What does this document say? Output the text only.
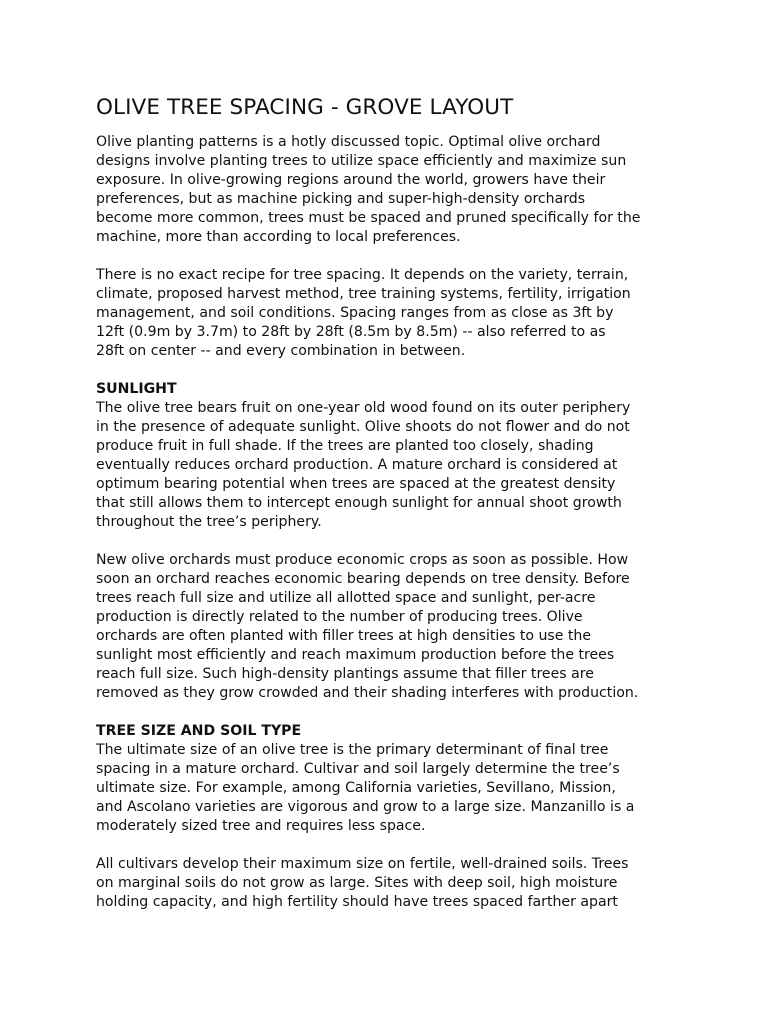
OLIVE TREE SPACING - GROVE LAYOUT
Olive planting patterns is a hotly discussed topic. Optimal olive orchard
designs involve planting trees to utilize space efficiently and maximize sun
exposure. In olive-growing regions around the world, growers have their
preferences, but as machine picking and super-high-density orchards
become more common, trees must be spaced and pruned specifically for the
machine, more than according to local preferences.
There is no exact recipe for tree spacing. It depends on the variety, terrain,
climate, proposed harvest method, tree training systems, fertility, irrigation
management, and soil conditions. Spacing ranges from as close as 3ft by
12ft (0.9m by 3.7m) to 28ft by 28ft (8.5m by 8.5m) -- also referred to as
28ft on center -- and every combination in between.
SUNLIGHT
The olive tree bears fruit on one-year old wood found on its outer periphery
in the presence of adequate sunlight. Olive shoots do not flower and do not
produce fruit in full shade. If the trees are planted too closely, shading
eventually reduces orchard production. A mature orchard is considered at
optimum bearing potential when trees are spaced at the greatest density
that still allows them to intercept enough sunlight for annual shoot growth
throughout the tree’s periphery.
New olive orchards must produce economic crops as soon as possible. How
soon an orchard reaches economic bearing depends on tree density. Before
trees reach full size and utilize all allotted space and sunlight, per-acre
production is directly related to the number of producing trees. Olive
orchards are often planted with filler trees at high densities to use the
sunlight most efficiently and reach maximum production before the trees
reach full size. Such high-density plantings assume that filler trees are
removed as they grow crowded and their shading interferes with production.
TREE SIZE AND SOIL TYPE
The ultimate size of an olive tree is the primary determinant of final tree
spacing in a mature orchard. Cultivar and soil largely determine the tree’s
ultimate size. For example, among California varieties, Sevillano, Mission,
and Ascolano varieties are vigorous and grow to a large size. Manzanillo is a
moderately sized tree and requires less space.
All cultivars develop their maximum size on fertile, well-drained soils. Trees
on marginal soils do not grow as large. Sites with deep soil, high moisture
holding capacity, and high fertility should have trees spaced farther apart
